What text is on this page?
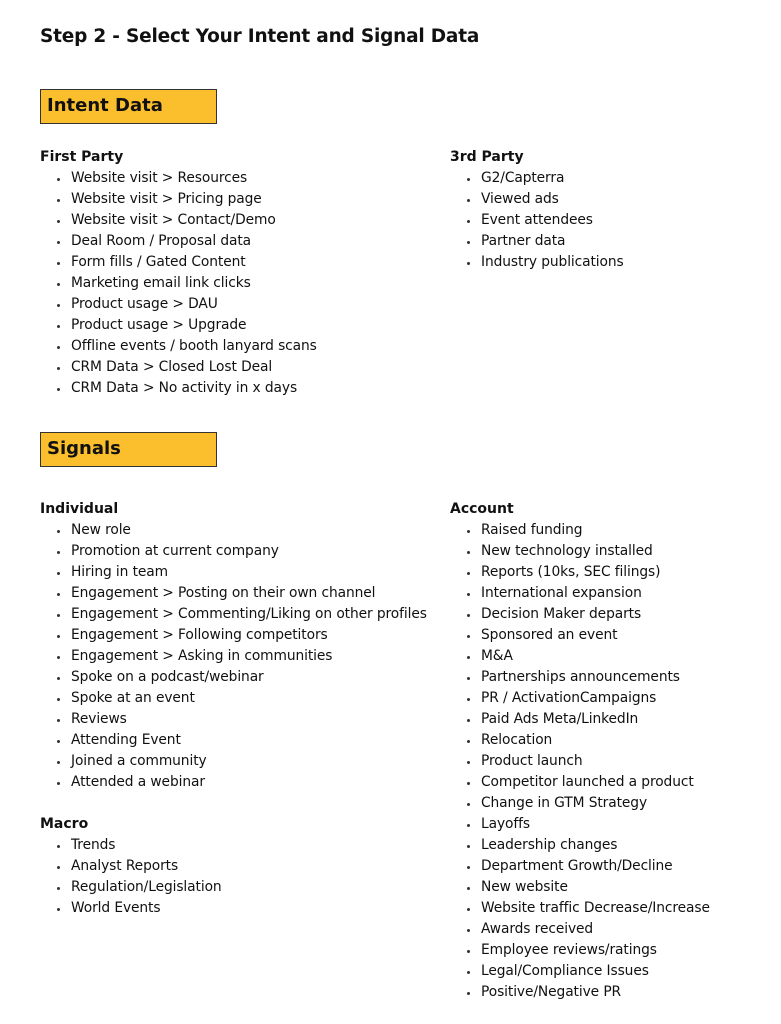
Step 2 - Select Your Intent and Signal Data
Intent Data
First Party
Website visit > Resources
Website visit > Pricing page
Website visit > Contact/Demo
Deal Room / Proposal data
Form fills / Gated Content
Marketing email link clicks
Product usage > DAU
Product usage > Upgrade
Offline events / booth lanyard scans
CRM Data > Closed Lost Deal
CRM Data > No activity in x days
3rd Party
G2/Capterra
Viewed ads
Event attendees
Partner data
Industry publications
Signals
Individual
New role
Promotion at current company
Hiring in team
Engagement > Posting on their own channel
Engagement > Commenting/Liking on other profiles
Engagement > Following competitors
Engagement > Asking in communities
Spoke on a podcast/webinar
Spoke at an event
Reviews
Attending Event
Joined a community
Attended a webinar
Macro
Trends
Analyst Reports
Regulation/Legislation
World Events
Account
Raised funding
New technology installed
Reports (10ks, SEC filings)
International expansion
Decision Maker departs
Sponsored an event
M&A
Partnerships announcements
PR / ActivationCampaigns
Paid Ads Meta/LinkedIn
Relocation
Product launch
Competitor launched a product
Change in GTM Strategy
Layoffs
Leadership changes
Department Growth/Decline
New website
Website traffic Decrease/Increase
Awards received
Employee reviews/ratings
Legal/Compliance Issues
Positive/Negative PR
